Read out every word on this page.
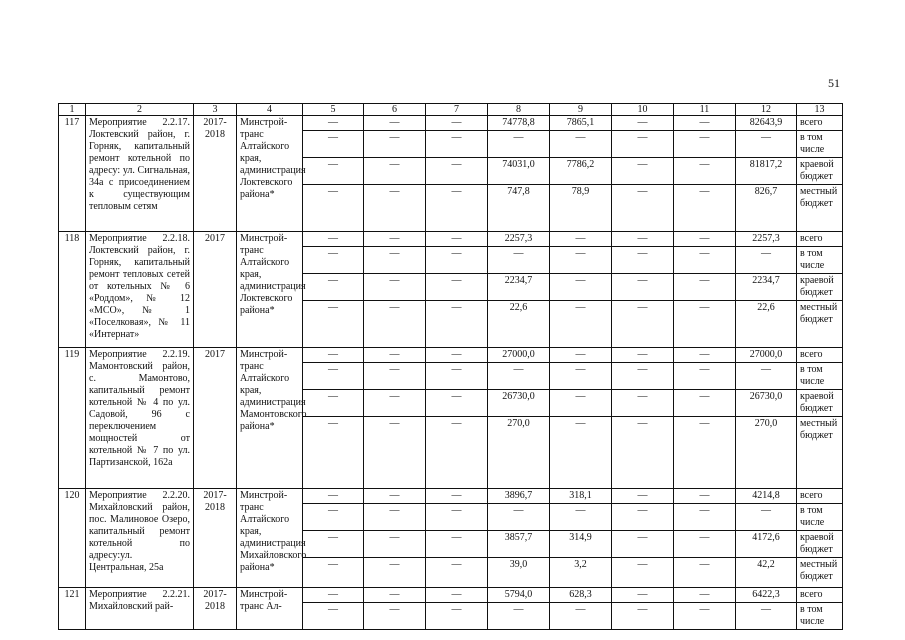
51
1	2	3	4	5	6	7	8	9	10	11	12	13
117	Мероприятие 2.2.17. Локтевский район, г. Горняк, капитальный ремонт котельной по адресу: ул. Сигнальная, 34а с присоединением к существующим тепловым сетям	2017-2018	Минстрой-транс Алтайского края, администрация Локтевского района*	—	—	—	74778,8	7865,1	—	—	82643,9	всего
				—	—	—	—	—	—	—	—	в том числе
				—	—	—	74031,0	7786,2	—	—	81817,2	краевой бюджет
				—	—	—	747,8	78,9	—	—	826,7	местный бюджет
118	Мероприятие 2.2.18. Локтевский район, г. Горняк, капитальный ремонт тепловых сетей от котельных № 6 «Роддом», № 12 «МСО», № 1 «Поселковая», № 11 «Интернат»	2017	Минстрой-транс Алтайского края, администрация Локтевского района*	—	—	—	2257,3	—	—	—	2257,3	всего
				—	—	—	—	—	—	—	—	в том числе
				—	—	—	2234,7	—	—	—	2234,7	краевой бюджет
				—	—	—	22,6	—	—	—	22,6	местный бюджет
119	Мероприятие 2.2.19. Мамонтовский район, с. Мамонтово, капитальный ремонт котельной № 4 по ул. Садовой, 96 с переключением мощностей от котельной № 7 по ул. Партизанской, 162а	2017	Минстрой-транс Алтайского края, администрация Мамонтовского района*	—	—	—	27000,0	—	—	—	27000,0	всего
				—	—	—	—	—	—	—	—	в том числе
				—	—	—	26730,0	—	—	—	26730,0	краевой бюджет
				—	—	—	270,0	—	—	—	270,0	местный бюджет
120	Мероприятие 2.2.20. Михайловский район, пос. Малиновое Озеро, капитальный ремонт котельной по адресу:ул. Центральная, 25а	2017-2018	Минстрой-транс Алтайского края, администрация Михайловского района*	—	—	—	3896,7	318,1	—	—	4214,8	всего
				—	—	—	—	—	—	—	—	в том числе
				—	—	—	3857,7	314,9	—	—	4172,6	краевой бюджет
				—	—	—	39,0	3,2	—	—	42,2	местный бюджет
121	Мероприятие 2.2.21. Михайловский рай-	2017-2018	Минстрой-транс Ал-	—	—	—	5794,0	628,3	—	—	6422,3	всего
				—	—	—	—	—	—	—	—	в том числе
